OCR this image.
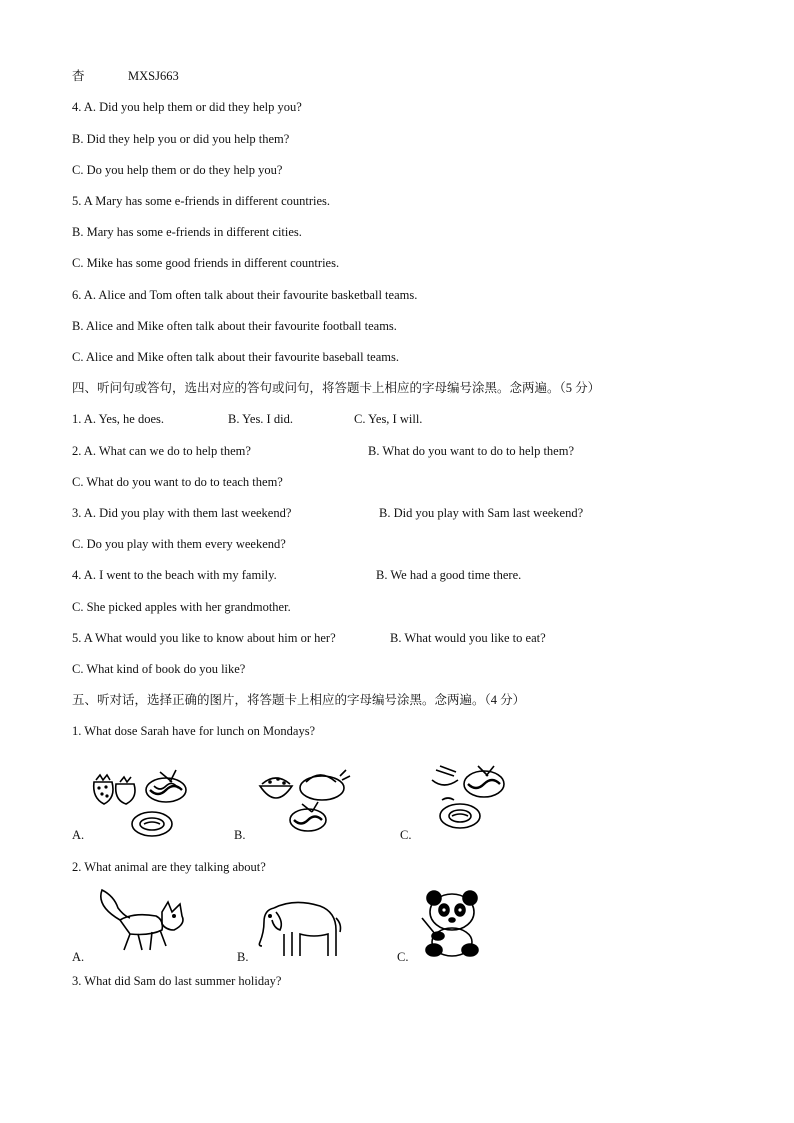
杳	MXSJ663
4. A. Did you help them or did they help you?
B. Did they help you or did you help them?
C. Do you help them or do they help you?
5. A Mary has some e-friends in different countries.
B. Mary has some e-friends in different cities.
C. Mike has some good friends in different countries.
6. A. Alice and Tom often talk about their favourite basketball teams.
B. Alice and Mike often talk about their favourite football teams.
C. Alice and Mike often talk about their favourite baseball teams.
四、听问句或答句，选出对应的答句或问句，将答题卡上相应的字母编号涂黑。念两遍。（5 分）
1. A. Yes, he does.	B. Yes. I did.	C. Yes, I will.
2. A. What can we do to help them?	B. What do you want to do to help them?
C. What do you want to do to teach them?
3. A. Did you play with them last weekend?	B. Did you play with Sam last weekend?
C. Do you play with them every weekend?
4. A. I went to the beach with my family.	B. We had a good time there.
C. She picked apples with her grandmother.
5. A What would you like to know about him or her?	B. What would you like to eat?
C. What kind of book do you like?
五、听对话，选择正确的图片，将答题卡上相应的字母编号涂黑。念两遍。（4 分）
1. What dose Sarah have for lunch on Mondays?
A.	B.	C.
2. What animal are they talking about?
A.	B.	C.
3. What did Sam do last summer holiday?
